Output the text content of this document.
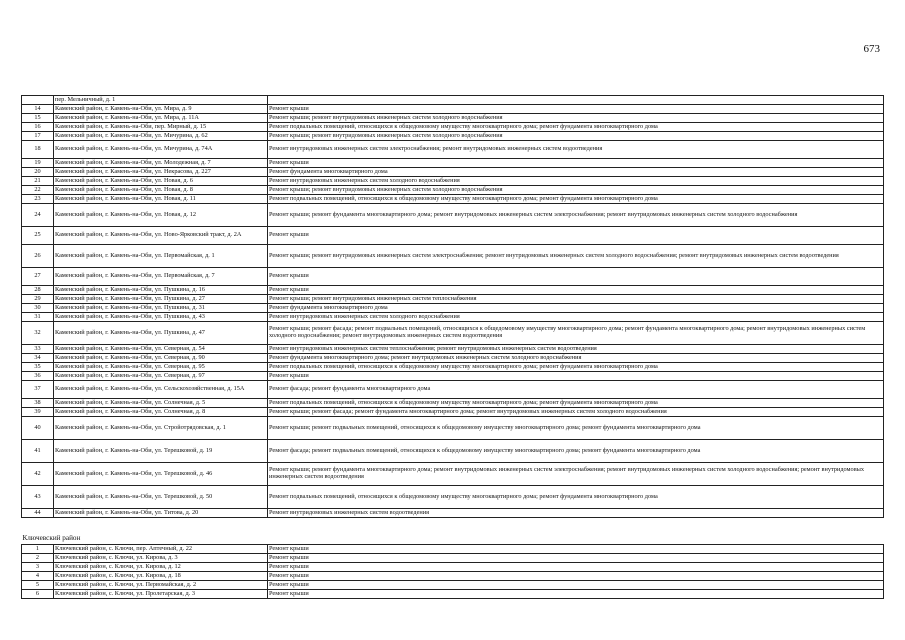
673
	пер. Мельничный, д. 1	
14	Каменский район, г. Камень-на-Оби, ул. Мира, д. 9	Ремонт крыши
15	Каменский район, г. Камень-на-Оби, ул. Мира, д. 11А	Ремонт крыши; ремонт внутридомовых инженерных систем холодного водоснабжения
16	Каменский район, г. Камень-на-Оби, пер. Мирный, д. 15	Ремонт подвальных помещений, относящихся к общедомовому имуществу многоквартирного дома; ремонт фундамента многоквартирного дома
17	Каменский район, г. Камень-на-Оби, ул. Мичурина, д. 62	Ремонт крыши; ремонт внутридомовых инженерных систем холодного водоснабжения
18	Каменский район, г. Камень-на-Оби, ул. Мичурина, д. 74А	Ремонт внутридомовых инженерных систем электроснабжения; ремонт внутридомовых инженерных систем водоотведения
19	Каменский район, г. Камень-на-Оби, ул. Молодежная, д. 7	Ремонт крыши
20	Каменский район, г. Камень-на-Оби, ул. Некрасова, д. 227	Ремонт фундамента многоквартирного дома
21	Каменский район, г. Камень-на-Оби, ул. Новая, д. 6	Ремонт внутридомовых инженерных систем холодного водоснабжения
22	Каменский район, г. Камень-на-Оби, ул. Новая, д. 8	Ремонт крыши; ремонт внутридомовых инженерных систем холодного водоснабжения
23	Каменский район, г. Камень-на-Оби, ул. Новая, д. 11	Ремонт подвальных помещений, относящихся к общедомовому имуществу многоквартирного дома; ремонт фундамента многоквартирного дома
24	Каменский район, г. Камень-на-Оби, ул. Новая, д. 12	Ремонт крыши; ремонт фундамента многоквартирного дома; ремонт внутридомовых инженерных систем электроснабжения; ремонт внутридомовых инженерных систем холодного водоснабжения
25	Каменский район, г. Камень-на-Оби, ул. Ново-Ярковский тракт, д. 2А	Ремонт крыши
26	Каменский район, г. Камень-на-Оби, ул. Первомайская, д. 1	Ремонт крыши; ремонт внутридомовых инженерных систем электроснабжения; ремонт внутридомовых инженерных систем холодного водоснабжения; ремонт внутридомовых инженерных систем водоотведения
27	Каменский район, г. Камень-на-Оби, ул. Первомайская, д. 7	Ремонт крыши
28	Каменский район, г. Камень-на-Оби, ул. Пушкина, д. 16	Ремонт крыши
29	Каменский район, г. Камень-на-Оби, ул. Пушкина, д. 27	Ремонт крыши; ремонт внутридомовых инженерных систем теплоснабжения
30	Каменский район, г. Камень-на-Оби, ул. Пушкина, д. 31	Ремонт фундамента многоквартирного дома
31	Каменский район, г. Камень-на-Оби, ул. Пушкина, д. 43	Ремонт внутридомовых инженерных систем холодного водоснабжения
32	Каменский район, г. Камень-на-Оби, ул. Пушкина, д. 47	Ремонт крыши; ремонт фасада; ремонт подвальных помещений, относящихся к общедомовому имуществу многоквартирного дома; ремонт фундамента многоквартирного дома; ремонт внутридомовых инженерных систем холодного водоснабжения; ремонт внутридомовых инженерных систем водоотведения
33	Каменский район, г. Камень-на-Оби, ул. Северная, д. 54	Ремонт внутридомовых инженерных систем теплоснабжения; ремонт внутридомовых инженерных систем водоотведения
34	Каменский район, г. Камень-на-Оби, ул. Северная, д. 90	Ремонт фундамента многоквартирного дома; ремонт внутридомовых инженерных систем холодного водоснабжения
35	Каменский район, г. Камень-на-Оби, ул. Северная, д. 95	Ремонт подвальных помещений, относящихся к общедомовому имуществу многоквартирного дома; ремонт фундамента многоквартирного дома
36	Каменский район, г. Камень-на-Оби, ул. Северная, д. 97	Ремонт крыши
37	Каменский район, г. Камень-на-Оби, ул. Сельскохозяйственная, д. 15А	Ремонт фасада; ремонт фундамента многоквартирного дома
38	Каменский район, г. Камень-на-Оби, ул. Солнечная, д. 5	Ремонт подвальных помещений, относящихся к общедомовому имуществу многоквартирного дома; ремонт фундамента многоквартирного дома
39	Каменский район, г. Камень-на-Оби, ул. Солнечная, д. 8	Ремонт крыши; ремонт фасада; ремонт фундамента многоквартирного дома; ремонт внутридомовых инженерных систем холодного водоснабжения
40	Каменский район, г. Камень-на-Оби, ул. Стройотрядовская, д. 1	Ремонт крыши; ремонт подвальных помещений, относящихся к общедомовому имуществу многоквартирного дома; ремонт фундамента многоквартирного дома
41	Каменский район, г. Камень-на-Оби, ул. Терешковой, д. 19	Ремонт фасада; ремонт подвальных помещений, относящихся к общедомовому имуществу многоквартирного дома; ремонт фундамента многоквартирного дома
42	Каменский район, г. Камень-на-Оби, ул. Терешковой, д. 46	Ремонт крыши; ремонт фундамента многоквартирного дома; ремонт внутридомовых инженерных систем электроснабжения; ремонт внутридомовых инженерных систем холодного водоснабжения; ремонт внутридомовых инженерных систем водоотведения
43	Каменский район, г. Камень-на-Оби, ул. Терешковой, д. 50	Ремонт подвальных помещений, относящихся к общедомовому имуществу многоквартирного дома; ремонт фундамента многоквартирного дома
44	Каменский район, г. Камень-на-Оби, ул. Титова, д. 20	Ремонт внутридомовых инженерных систем водоотведения
Ключевский район		
1	Ключевский район, с. Ключи, пер. Аптечный, д. 22	Ремонт крыши
2	Ключевский район, с. Ключи, ул. Кирова, д. 3	Ремонт крыши
3	Ключевский район, с. Ключи, ул. Кирова, д. 12	Ремонт крыши
4	Ключевский район, с. Ключи, ул. Кирова, д. 18	Ремонт крыши
5	Ключевский район, с. Ключи, ул. Первомайская, д. 2	Ремонт крыши
6	Ключевский район, с. Ключи, ул. Пролетарская, д. 3	Ремонт крыши
